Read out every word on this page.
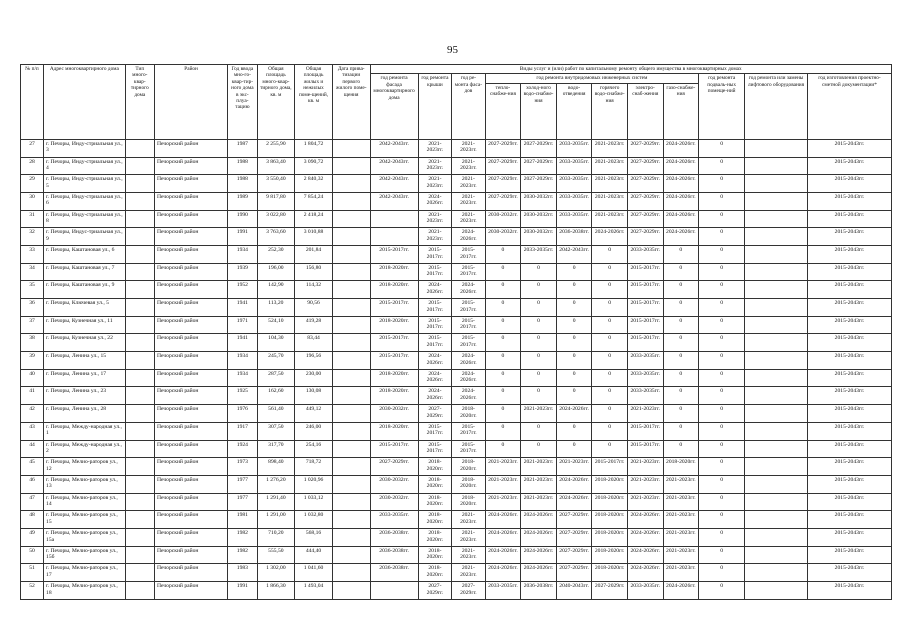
95
№ п/п	Адрес многоквартирного дома	Тип много-квар-тирного дома	Район	Год ввода мно-го-квар-тир-ного дома в экс-плуа-тацию	Общая площадь много-квар-тирного дома, кв. м	Общая площадь жилых и нежилых поме-щений, кв. м	Дата прива-тизации первого жилого поме-щения	Виды услуг и (или) работ по капитальному ремонту общего имущества в многоквартирных домах											
								год ремонта фасада многоквартирного дома	год ремонта крыши	год ре-монта фаса-дов	год ремонта внутридомовых инженерных систем						год ремонта подваль-ных помеще-ний	год ремонта или замены лифтового оборудования	год изготовления проектно-сметной документации*
											тепло-снабже-ния	холод-ного водо-снабже-ния	водо-отведения	горячего водо-снабже-ния	электро-снаб-жения	газо-снабже-ния			
27	г. Печоры, Инду-стриальная ул., 3		Печорский район	1987	2 255,90	1 804,72		2042-2043гг.	2021-2023гг.	2021-2023гг.	2027-2029гг.	2027-2029гг.	2033-2035гг.	2021-2023гг.	2027-2029гг.	2024-2026гг.	0		2015-2043гг.
28	г. Печоры, Инду-стриальная ул., 4		Печорский район	1988	3 863,40	3 090,72		2042-2043гг.	2021-2023гг.	2021-2023гг.	2027-2029гг.	2027-2029гг.	2033-2035гг.	2021-2023гг.	2027-2029гг.	2024-2026гг.	0		2015-2043гг.
29	г. Печоры, Инду-стриальная ул., 5		Печорский район	1988	3 550,40	2 840,32		2042-2043гг.	2021-2023гг.	2021-2023гг.	2027-2029гг.	2027-2029гг.	2033-2035гг.	2021-2023гг.	2027-2029гг.	2024-2026гг.	0		2015-2043гг.
30	г. Печоры, Инду-стриальная ул., 6		Печорский район	1989	9 817,80	7 854,24		2042-2043гг.	2024-2026гг.	2021-2023гг.	2027-2029гг.	2030-2032гг.	2033-2035гг.	2021-2023гг.	2027-2029гг.	2024-2026гг.	0		2015-2043гг.
31	г. Печоры, Инду-стриальная ул., 8		Печорский район	1990	3 022,80	2 418,24			2021-2023гг.	2021-2023гг.	2030-2032гг.	2030-2032гг.	2033-2035гг.	2021-2023гг.	2027-2029гг.	2024-2026гг.	0		2015-2043гг.
32	г. Печоры, Индус-триальная ул., 9		Печорский район	1991	3 763,60	3 010,88			2021-2023гг.	2024-2026гг.	2030-2032гг.	2030-2032гг.	2036-2038гг.	2024-2026гг.	2027-2029гг.	2024-2026гг.	0		2015-2043гг.
33	г. Печоры, Каштановая ул., 6		Печорский район	1934	252,30	201,84		2015-2017гг.	2015-2017гг.	2015-2017гг.	0	2033-2035гг.	2042-2043гг.	0	2033-2035гг.	0	0		2015-2043гг.
34	г. Печоры, Каштановая ул., 7		Печорский район	1939	196,00	156,80		2018-2020гг.	2015-2017гг.	2015-2017гг.	0	0	0	0	2015-2017гг.	0	0		2015-2043гг.
35	г. Печоры, Каштановая ул., 9		Печорский район	1952	142,90	114,32		2018-2020гг.	2024-2026гг.	2024-2026гг.	0	0	0	0	2015-2017гг.	0	0		2015-2043гг.
36	г. Печоры, Ключевая ул., 5		Печорский район	1941	113,20	90,56		2015-2017гг.	2015-2017гг.	2015-2017гг.	0	0	0	0	2015-2017гг.	0	0		2015-2043гг.
37	г. Печоры, Кузнечная ул., 11		Печорский район	1971	524,10	419,28		2018-2020гг.	2015-2017гг.	2015-2017гг.	0	0	0	0	2015-2017гг.	0	0		2015-2043гг.
38	г. Печоры, Кузнечная ул., 22		Печорский район	1941	104,30	83,44		2015-2017гг.	2015-2017гг.	2015-2017гг.	0	0	0	0	2015-2017гг.	0	0		2015-2043гг.
39	г. Печоры, Ленина ул., 15		Печорский район	1934	245,70	196,56		2015-2017гг.	2024-2026гг.	2024-2026гг.	0	0	0	0	2033-2035гг.	0	0		2015-2043гг.
40	г. Печоры, Ленина ул., 17		Печорский район	1934	287,50	230,00		2018-2020гг.	2024-2026гг.	2024-2026гг.	0	0	0	0	2033-2035гг.	0	0		2015-2043гг.
41	г. Печоры, Ленина ул., 23		Печорский район	1925	162,60	130,08		2018-2020гг.	2024-2026гг.	2024-2026гг.	0	0	0	0	2033-2035гг.	0	0		2015-2043гг.
42	г. Печоры, Ленина ул., 28		Печорский район	1976	561,40	449,12		2030-2032гг.	2027-2029гг.	2018-2020гг.	0	2021-2023гг.	2024-2026гг.	0	2021-2023гг.	0	0		2015-2043гг.
43	г. Печоры, Между-народная ул., 1		Печорский район	1917	307,50	246,00		2018-2020гг.	2015-2017гг.	2015-2017гг.	0	0	0	0	2015-2017гг.	0	0		2015-2043гг.
44	г. Печоры, Между-народная ул., 2		Печорский район	1924	317,70	254,16		2015-2017гг.	2015-2017гг.	2015-2017гг.	0	0	0	0	2015-2017гг.	0	0		2015-2043гг.
45	г. Печоры, Мелио-раторов ул., 12		Печорский район	1973	898,40	718,72		2027-2029гг.	2018-2020гг.	2018-2020гг.	2021-2023гг.	2021-2023гг.	2021-2023гг.	2015-2017гг.	2021-2023гг.	2018-2020гг.	0		2015-2043гг.
46	г. Печоры, Мелио-раторов ул., 13		Печорский район	1977	1 276,20	1 020,96		2030-2032гг.	2018-2020гг.	2018-2020гг.	2021-2023гг.	2021-2023гг.	2024-2026гг.	2018-2020гг.	2021-2023гг.	2021-2023гг.	0		2015-2043гг.
47	г. Печоры, Мелио-раторов ул., 14		Печорский район	1977	1 291,40	1 033,12		2030-2032гг.	2018-2020гг.	2018-2020гг.	2021-2023гг.	2021-2023гг.	2024-2026гг.	2018-2020гг.	2021-2023гг.	2021-2023гг.	0		2015-2043гг.
48	г. Печоры, Мелио-раторов ул., 15		Печорский район	1981	1 291,00	1 032,80		2033-2035гг.	2018-2020гг.	2021-2023гг.	2024-2026гг.	2024-2026гг.	2027-2029гг.	2018-2020гг.	2024-2026гг.	2021-2023гг.	0		2015-2043гг.
49	г. Печоры, Мелио-раторов ул., 15а		Печорский район	1982	710,20	568,16		2036-2038гг.	2018-2020гг.	2021-2023гг.	2024-2026гг.	2024-2026гг.	2027-2029гг.	2018-2020гг.	2024-2026гг.	2021-2023гг.	0		2015-2043гг.
50	г. Печоры, Мелио-раторов ул., 15б		Печорский район	1982	555,50	444,40		2036-2038гг.	2018-2020гг.	2021-2023гг.	2024-2026гг.	2024-2026гг.	2027-2029гг.	2018-2020гг.	2024-2026гг.	2021-2023гг.	0		2015-2043гг.
51	г. Печоры, Мелио-раторов ул., 17		Печорский район	1983	1 302,00	1 041,60		2036-2038гг.	2018-2020гг.	2021-2023гг.	2024-2026гг.	2024-2026гг.	2027-2029гг.	2018-2020гг.	2024-2026гг.	2021-2023гг.	0		2015-2043гг.
52	г. Печоры, Мелио-раторов ул., 18		Печорский район	1991	1 866,30	1 493,04			2027-2029гг.	2027-2029гг.	2033-2035гг.	2036-2038гг.	2040-2043гг.	2027-2029гг.	2033-2035гг.	2024-2026гг.	0		2015-2043гг.
